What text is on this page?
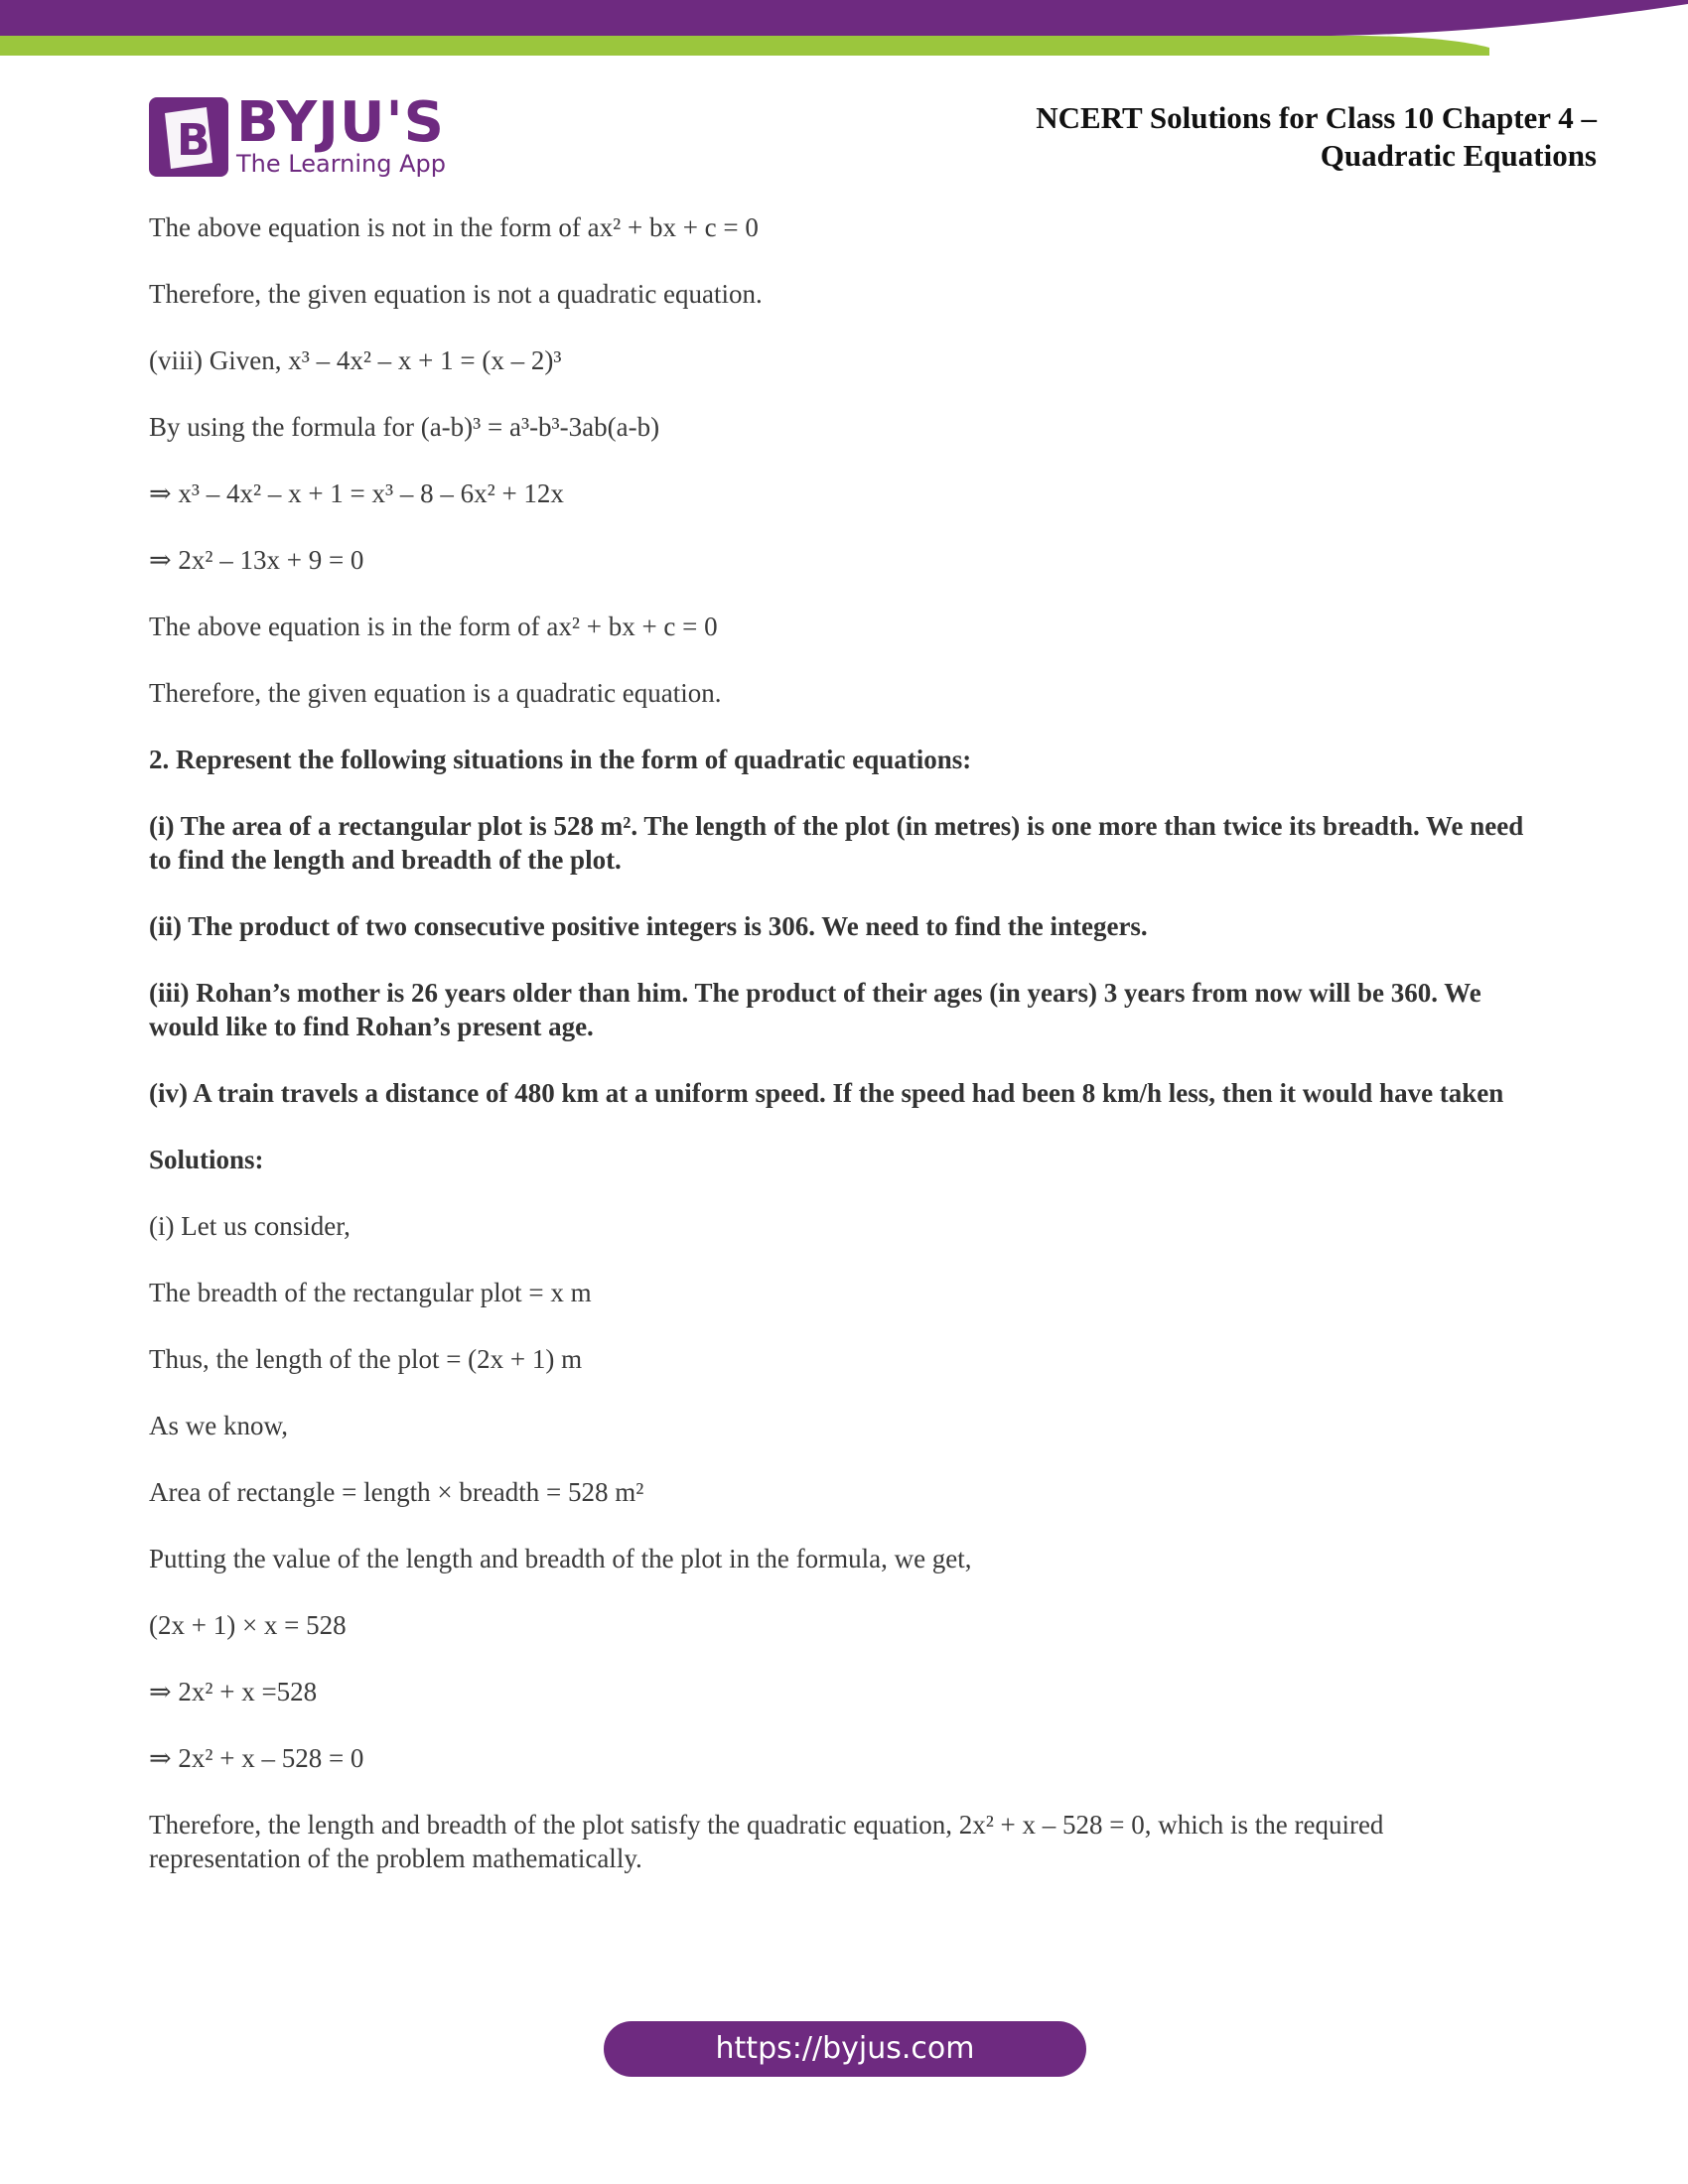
B BYJU'S
The Learning App
NCERT Solutions for Class 10 Chapter 4 –
Quadratic Equations

The above equation is not in the form of ax² + bx + c = 0

Therefore, the given equation is not a quadratic equation.

(viii) Given, x³ – 4x² – x + 1 = (x – 2)³

By using the formula for (a-b)³ = a³-b³-3ab(a-b)

⇒ x³ – 4x² – x + 1 = x³ – 8 – 6x² + 12x

⇒ 2x² – 13x + 9 = 0

The above equation is in the form of ax² + bx + c = 0

Therefore, the given equation is a quadratic equation.

2. Represent the following situations in the form of quadratic equations:

(i) The area of a rectangular plot is 528 m². The length of the plot (in metres) is one more than twice its breadth. We need to find the length and breadth of the plot.

(ii) The product of two consecutive positive integers is 306. We need to find the integers.

(iii) Rohan’s mother is 26 years older than him. The product of their ages (in years) 3 years from now will be 360. We would like to find Rohan’s present age.

(iv) A train travels a distance of 480 km at a uniform speed. If the speed had been 8 km/h less, then it would have taken

Solutions:

(i) Let us consider,

The breadth of the rectangular plot = x m

Thus, the length of the plot = (2x + 1) m

As we know,

Area of rectangle = length × breadth = 528 m²

Putting the value of the length and breadth of the plot in the formula, we get,

(2x + 1) × x = 528

⇒ 2x² + x =528

⇒ 2x² + x – 528 = 0

Therefore, the length and breadth of the plot satisfy the quadratic equation, 2x² + x – 528 = 0, which is the required representation of the problem mathematically.

https://byjus.com
